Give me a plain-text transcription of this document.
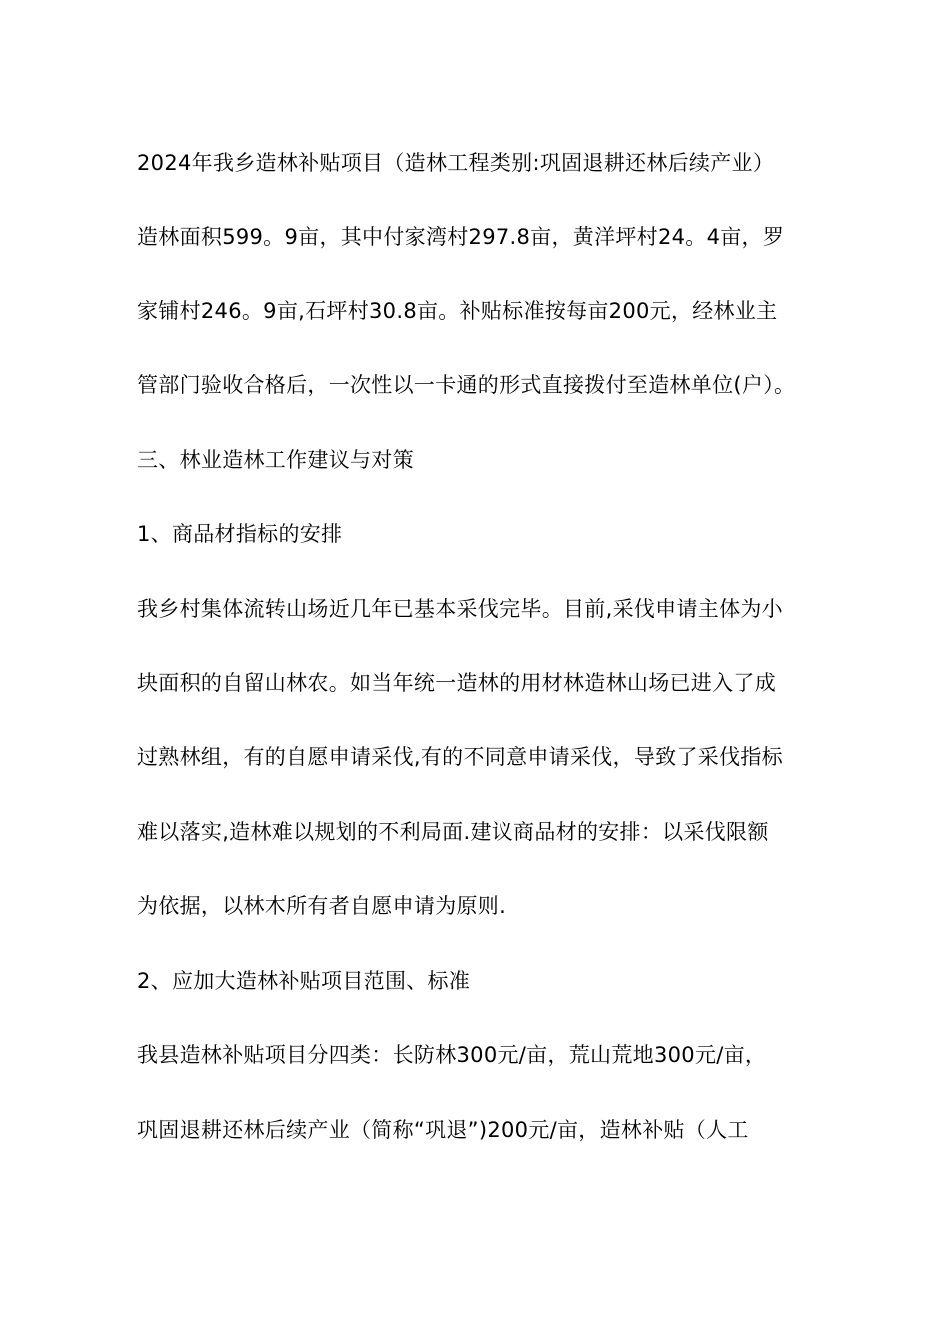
2024年我乡造林补贴项目（造林工程类别:巩固退耕还林后续产业）
造林面积599。9亩，其中付家湾村297.8亩，黄洋坪村24。4亩，罗
家铺村246。9亩,石坪村30.8亩。补贴标准按每亩200元，经林业主
管部门验收合格后，一次性以一卡通的形式直接拨付至造林单位(户）。
三、林业造林工作建议与对策
1、商品材指标的安排
我乡村集体流转山场近几年已基本采伐完毕。目前,采伐申请主体为小
块面积的自留山林农。如当年统一造林的用材林造林山场已进入了成
过熟林组，有的自愿申请采伐,有的不同意申请采伐，导致了采伐指标
难以落实,造林难以规划的不利局面.建议商品材的安排：以采伐限额
为依据，以林木所有者自愿申请为原则.
2、应加大造林补贴项目范围、标准
我县造林补贴项目分四类：长防林300元/亩，荒山荒地300元/亩，
巩固退耕还林后续产业（简称“巩退”)200元/亩，造林补贴（人工
